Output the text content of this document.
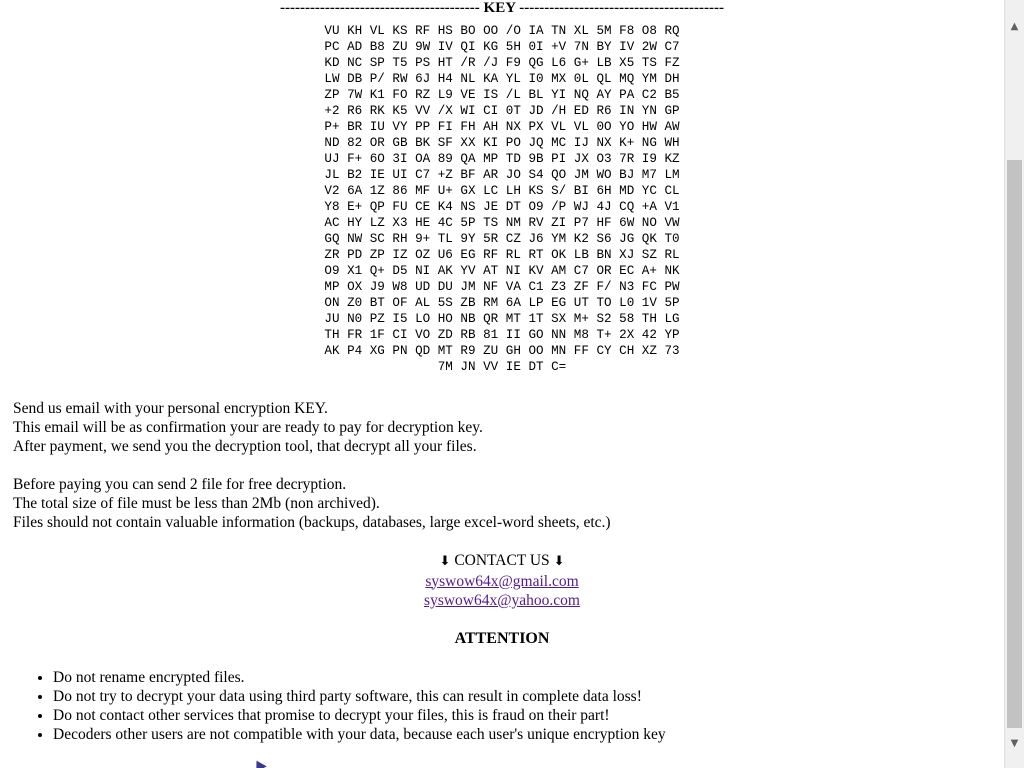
---------------------------------------- KEY -----------------------------------------
VU KH VL KS RF HS BO OO /O IA TN XL 5M F8 O8 RQ
PC AD B8 ZU 9W IV QI KG 5H 0I +V 7N BY IV 2W C7
KD NC SP T5 PS HT /R /J F9 QG L6 G+ LB X5 TS FZ
LW DB P/ RW 6J H4 NL KA YL I0 MX 0L QL MQ YM DH
ZP 7W K1 FO RZ L9 VE IS /L BL YI NQ AY PA C2 B5
+2 R6 RK K5 VV /X WI CI 0T JD /H ED R6 IN YN GP
P+ BR IU VY PP FI FH AH NX PX VL VL 0O YO HW AW
ND 82 OR GB BK SF XX KI PO JQ MC IJ NX K+ NG WH
UJ F+ 6O 3I OA 89 QA MP TD 9B PI JX O3 7R I9 KZ
JL B2 IE UI C7 +Z BF AR JO S4 QO JM WO BJ M7 LM
V2 6A 1Z 86 MF U+ GX LC LH KS S/ BI 6H MD YC CL
Y8 E+ QP FU CE K4 NS JE DT O9 /P WJ 4J CQ +A V1
AC HY LZ X3 HE 4C 5P TS NM RV ZI P7 HF 6W NO VW
GQ NW SC RH 9+ TL 9Y 5R CZ J6 YM K2 S6 JG QK T0
ZR PD ZP IZ OZ U6 EG RF RL RT OK LB BN XJ SZ RL
O9 X1 Q+ D5 NI AK YV AT NI KV AM C7 OR EC A+ NK
MP OX J9 W8 UD DU JM NF VA C1 Z3 ZF F/ N3 FC PW
ON Z0 BT OF AL 5S ZB RM 6A LP EG UT TO L0 1V 5P
JU N0 PZ I5 LO HO NB QR MT 1T SX M+ S2 58 TH LG
TH FR 1F CI VO ZD RB 81 II GO NN M8 T+ 2X 42 YP
AK P4 XG PN QD MT R9 ZU GH OO MN FF CY CH XZ 73
7M JN VV IE DT C=
Send us email with your personal encryption KEY.
This email will be as confirmation your are ready to pay for decryption key.
After payment, we send you the decryption tool, that decrypt all your files.
Before paying you can send 2 file for free decryption.
The total size of file must be less than 2Mb (non archived).
Files should not contain valuable information (backups, databases, large excel-word sheets, etc.)
⬇ CONTACT US ⬇
syswow64x@gmail.com
syswow64x@yahoo.com
ATTENTION
• Do not rename encrypted files.
• Do not try to decrypt your data using third party software, this can result in complete data loss!
• Do not contact other services that promise to decrypt your files, this is fraud on their part!
• Decoders other users are not compatible with your data, because each user's unique encryption key
▲
▼
